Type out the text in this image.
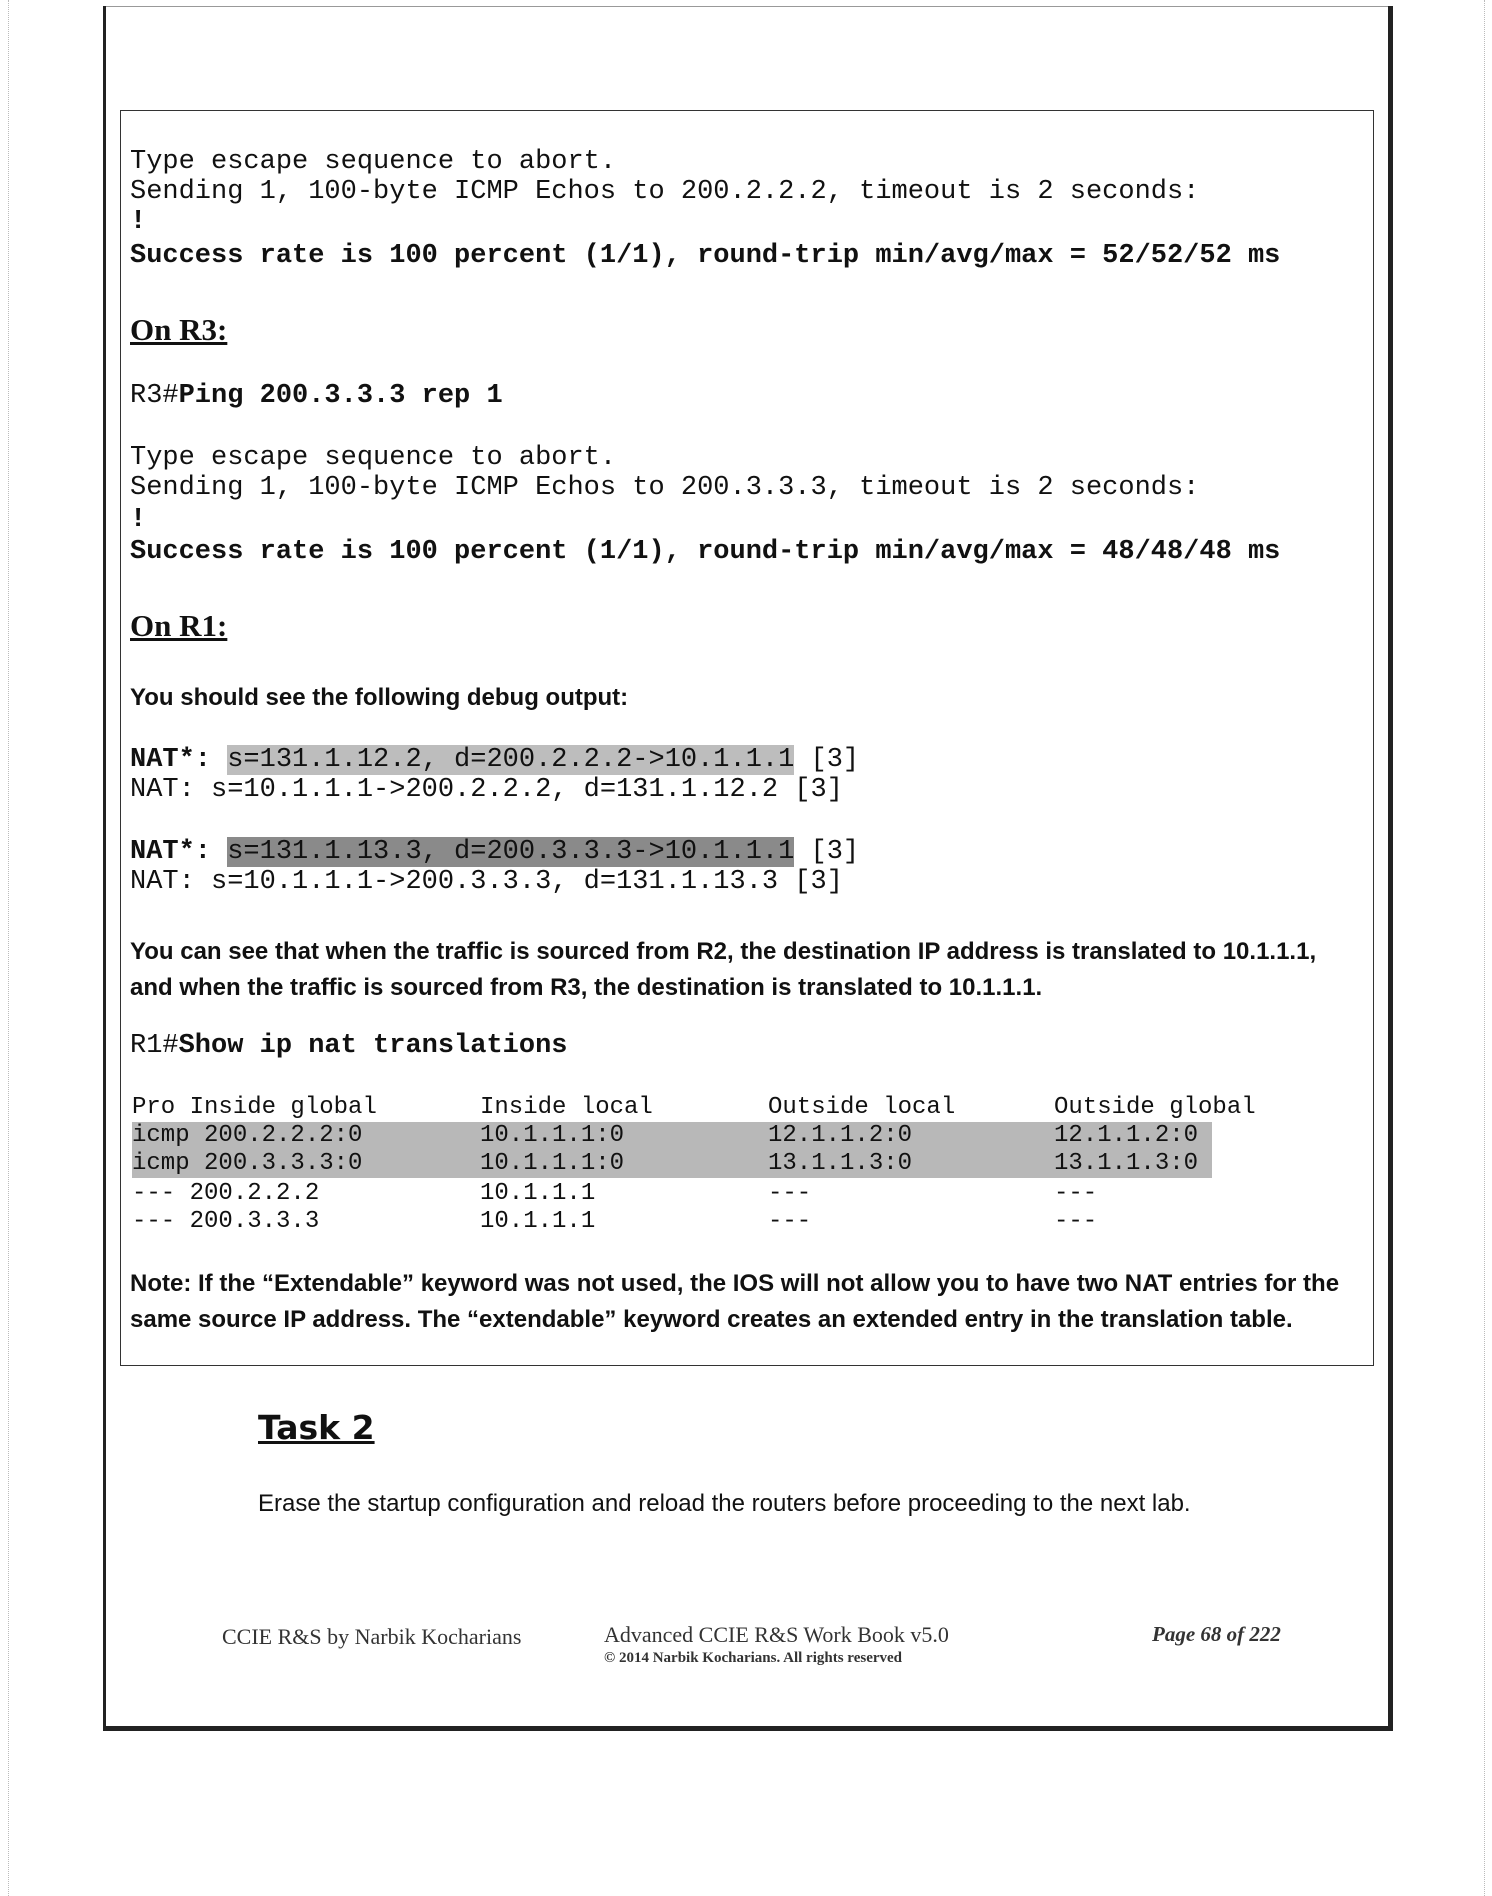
Type escape sequence to abort.
Sending 1, 100-byte ICMP Echos to 200.2.2.2, timeout is 2 seconds:
!
Success rate is 100 percent (1/1), round-trip min/avg/max = 52/52/52 ms
On R3:
R3#Ping 200.3.3.3 rep 1
Type escape sequence to abort.
Sending 1, 100-byte ICMP Echos to 200.3.3.3, timeout is 2 seconds:
!
Success rate is 100 percent (1/1), round-trip min/avg/max = 48/48/48 ms
On R1:
You should see the following debug output:
NAT*: s=131.1.12.2, d=200.2.2.2->10.1.1.1 [3]
NAT: s=10.1.1.1->200.2.2.2, d=131.1.12.2 [3]
NAT*: s=131.1.13.3, d=200.3.3.3->10.1.1.1 [3]
NAT: s=10.1.1.1->200.3.3.3, d=131.1.13.3 [3]
You can see that when the traffic is sourced from R2, the destination IP address is translated to 10.1.1.1, and when the traffic is sourced from R3, the destination is translated to 10.1.1.1.
R1#Show ip nat translations

Pro Inside global

	Inside local

	Outside local

	Outside global

icmp 200.2.2.2:0

	10.1.1.1:0

	12.1.1.2:0

	12.1.1.2:0

icmp 200.3.3.3:0

	10.1.1.1:0

	13.1.1.3:0

	13.1.1.3:0

--- 200.2.2.2

	10.1.1.1

	---

	---

--- 200.3.3.3

	10.1.1.1

	---

	---

Note: If the “Extendable” keyword was not used, the IOS will not allow you to have two NAT entries for the same source IP address. The “extendable” keyword creates an extended entry in the translation table.
Task 2
Erase the startup configuration and reload the routers before proceeding to the next lab.
CCIE R&S by Narbik Kocharians	Advanced CCIE R&S Work Book v5.0
© 2014 Narbik Kocharians. All rights reserved
Page 68 of 222
